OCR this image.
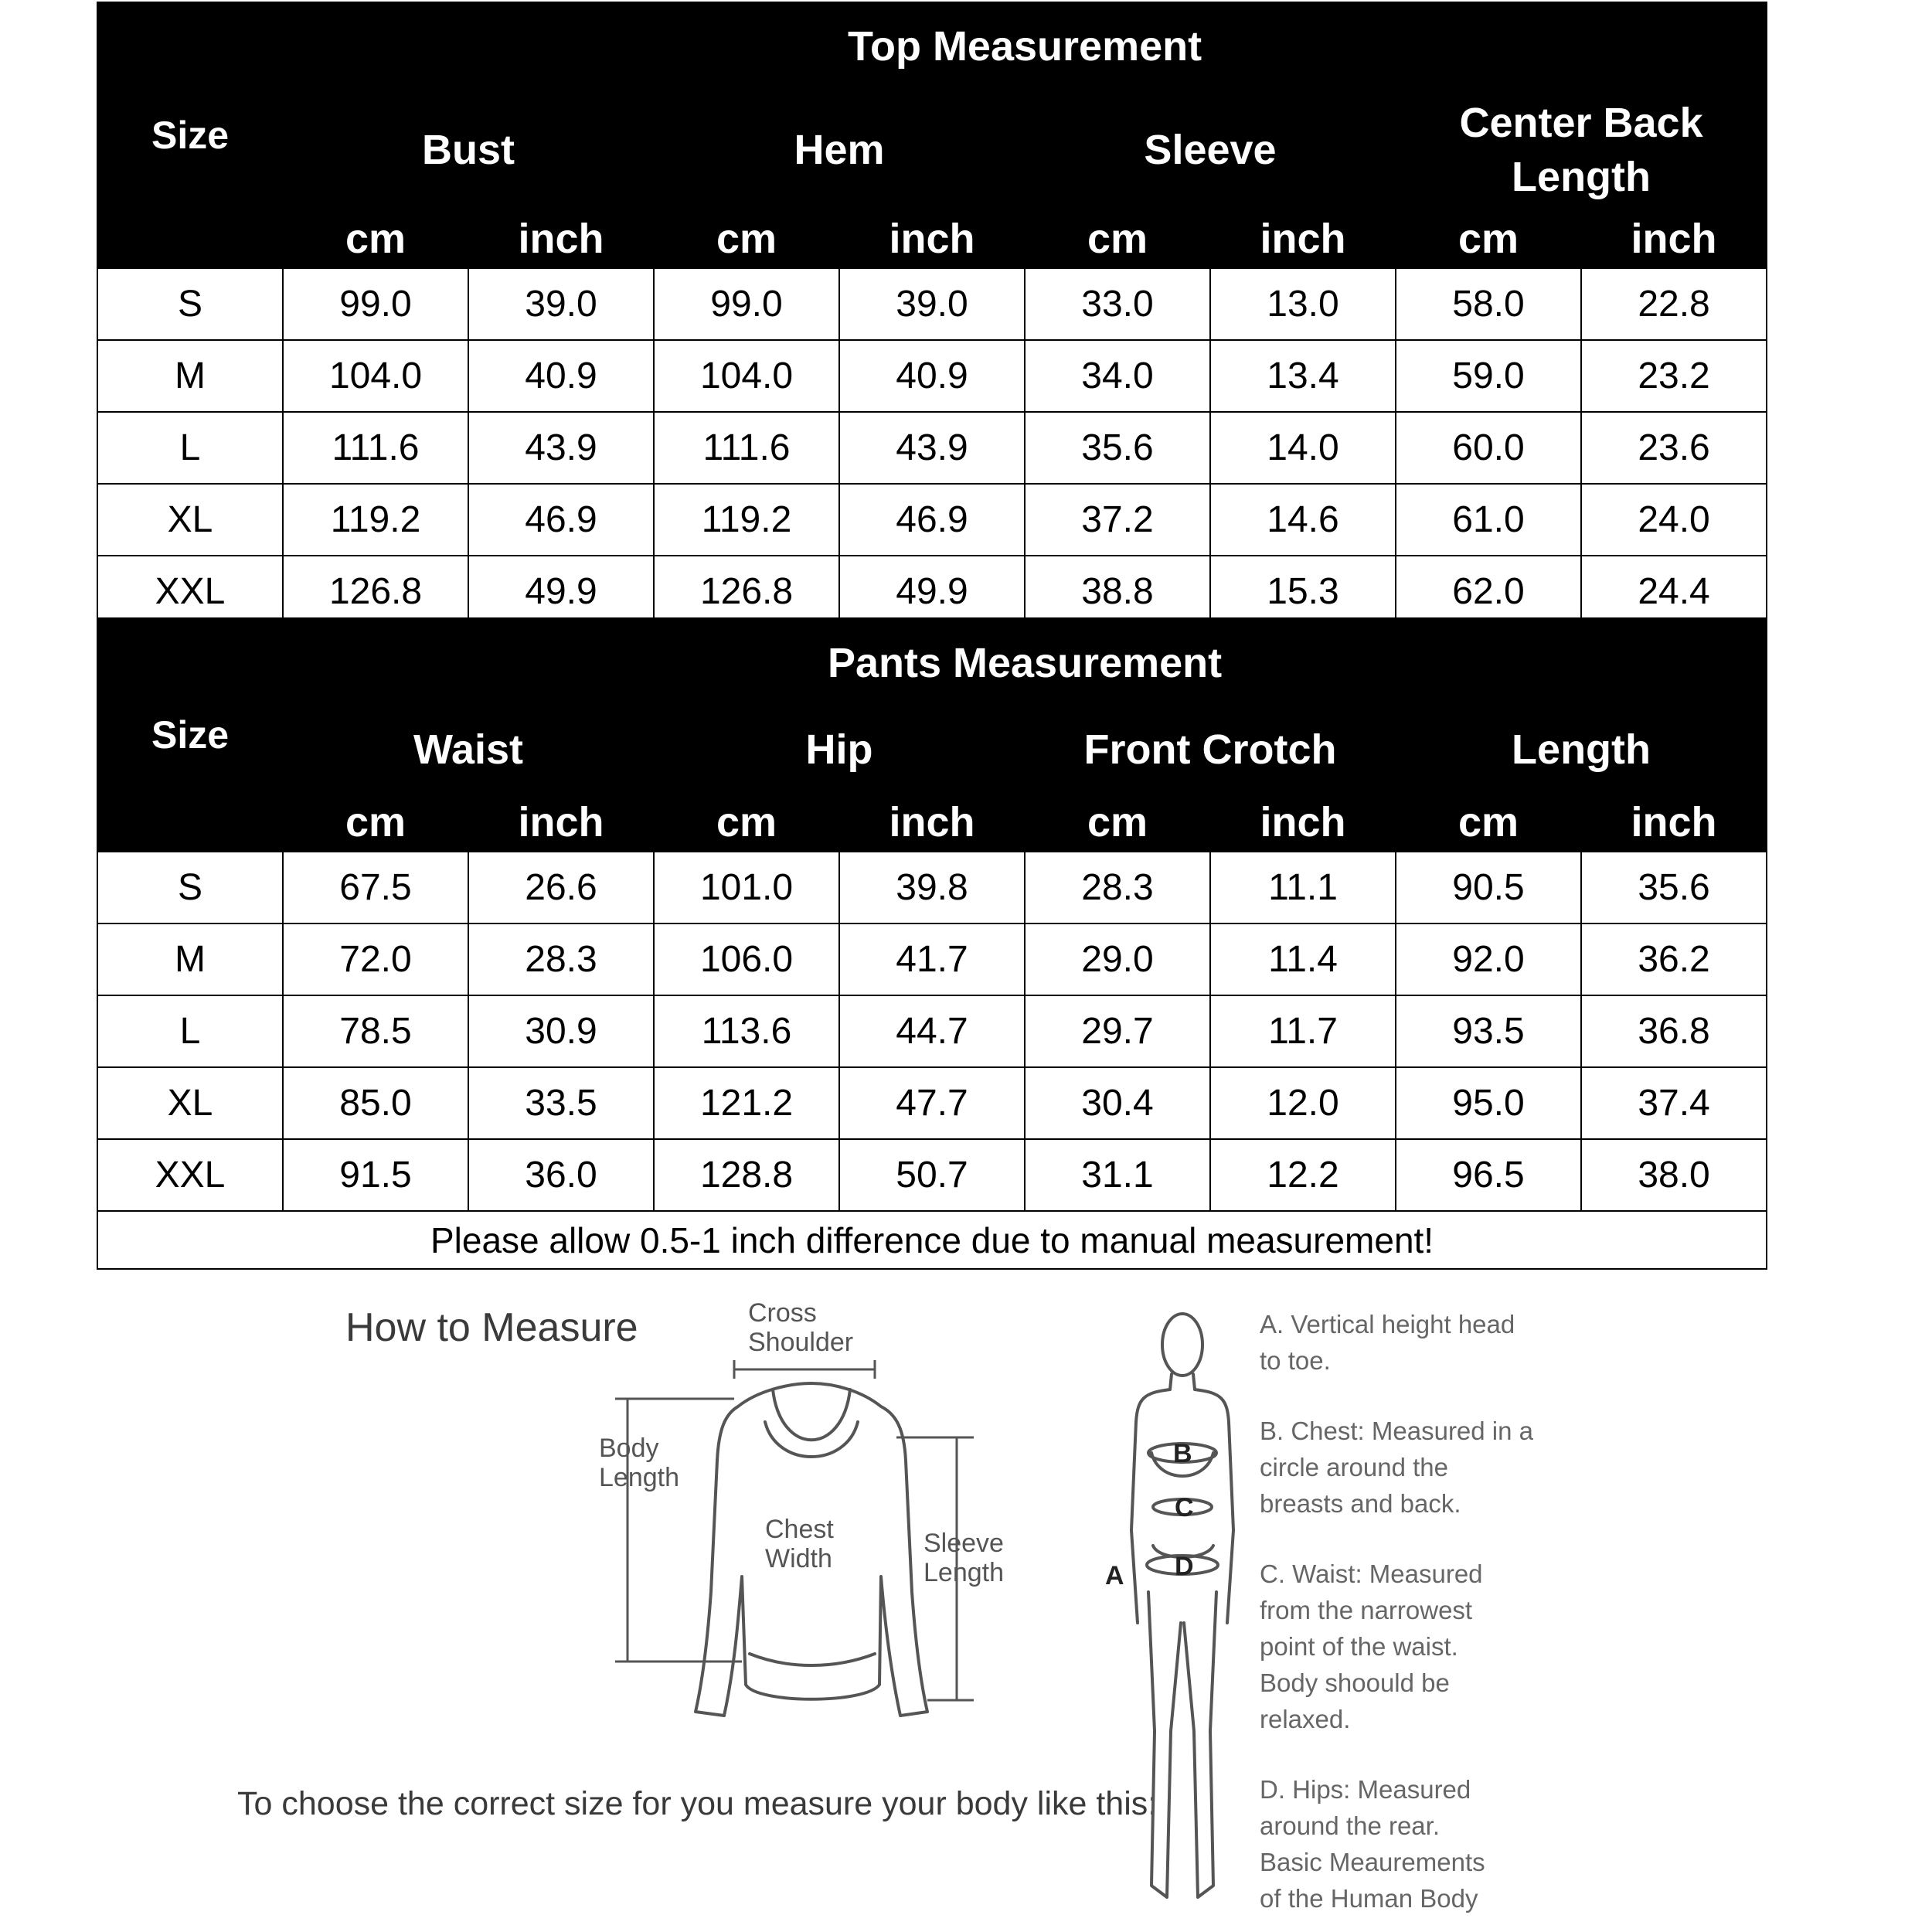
Size	Top Measurement							
	Bust		Hem		Sleeve		Center Back Length	
	cm	inch	cm	inch	cm	inch	cm	inch
S	99.0	39.0	99.0	39.0	33.0	13.0	58.0	22.8
M	104.0	40.9	104.0	40.9	34.0	13.4	59.0	23.2
L	111.6	43.9	111.6	43.9	35.6	14.0	60.0	23.6
XL	119.2	46.9	119.2	46.9	37.2	14.6	61.0	24.0
XXL	126.8	49.9	126.8	49.9	38.8	15.3	62.0	24.4
Size	Pants Measurement							
	Waist		Hip		Front Crotch		Length	
	cm	inch	cm	inch	cm	inch	cm	inch
S	67.5	26.6	101.0	39.8	28.3	11.1	90.5	35.6
M	72.0	28.3	106.0	41.7	29.0	11.4	92.0	36.2
L	78.5	30.9	113.6	44.7	29.7	11.7	93.5	36.8
XL	85.0	33.5	121.2	47.7	30.4	12.0	95.0	37.4
XXL	91.5	36.0	128.8	50.7	31.1	12.2	96.5	38.0
Please allow 0.5-1 inch difference due to manual measurement!								
How to Measure	Cross
Shoulder
Body
Length
Chest
Width
Sleeve
Length
To choose the correct size for you measure your body like this:
A
B
C
D
A. Vertical height head
to toe.
B. Chest: Measured in a
circle around the
breasts and back.
C. Waist: Measured
from the narrowest
point of the waist.
Body shoould be
relaxed.
D. Hips: Measured
around the rear.
Basic Meaurements
of the Human Body
